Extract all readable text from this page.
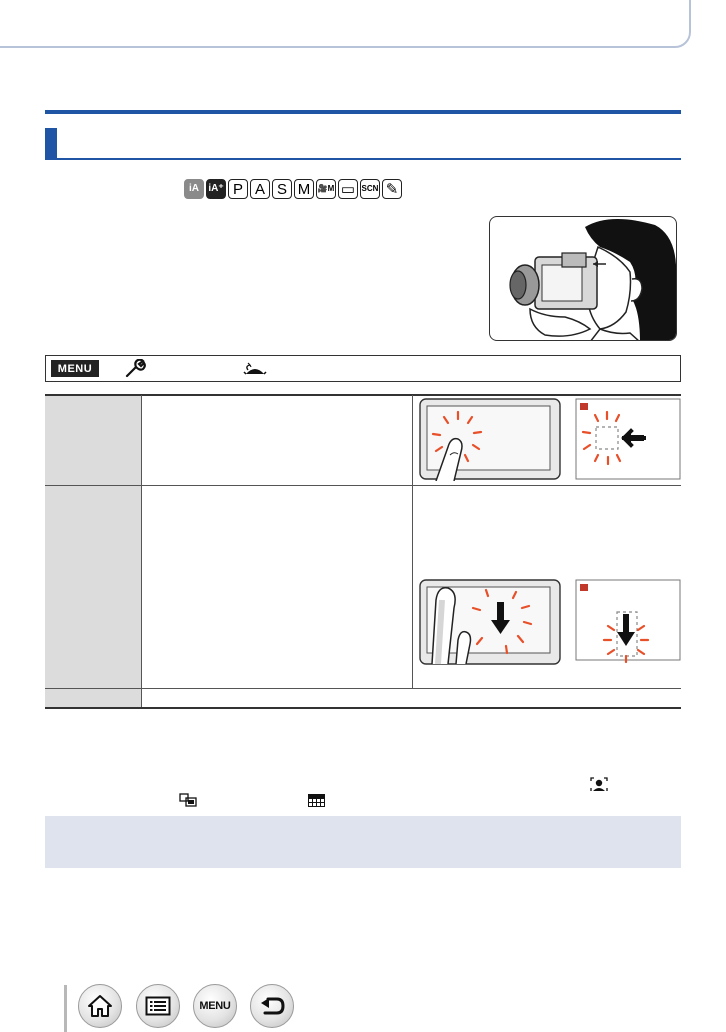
iA iA⁺ P A S M 🎥M ▭ SCN ✎
MENU
MENU
